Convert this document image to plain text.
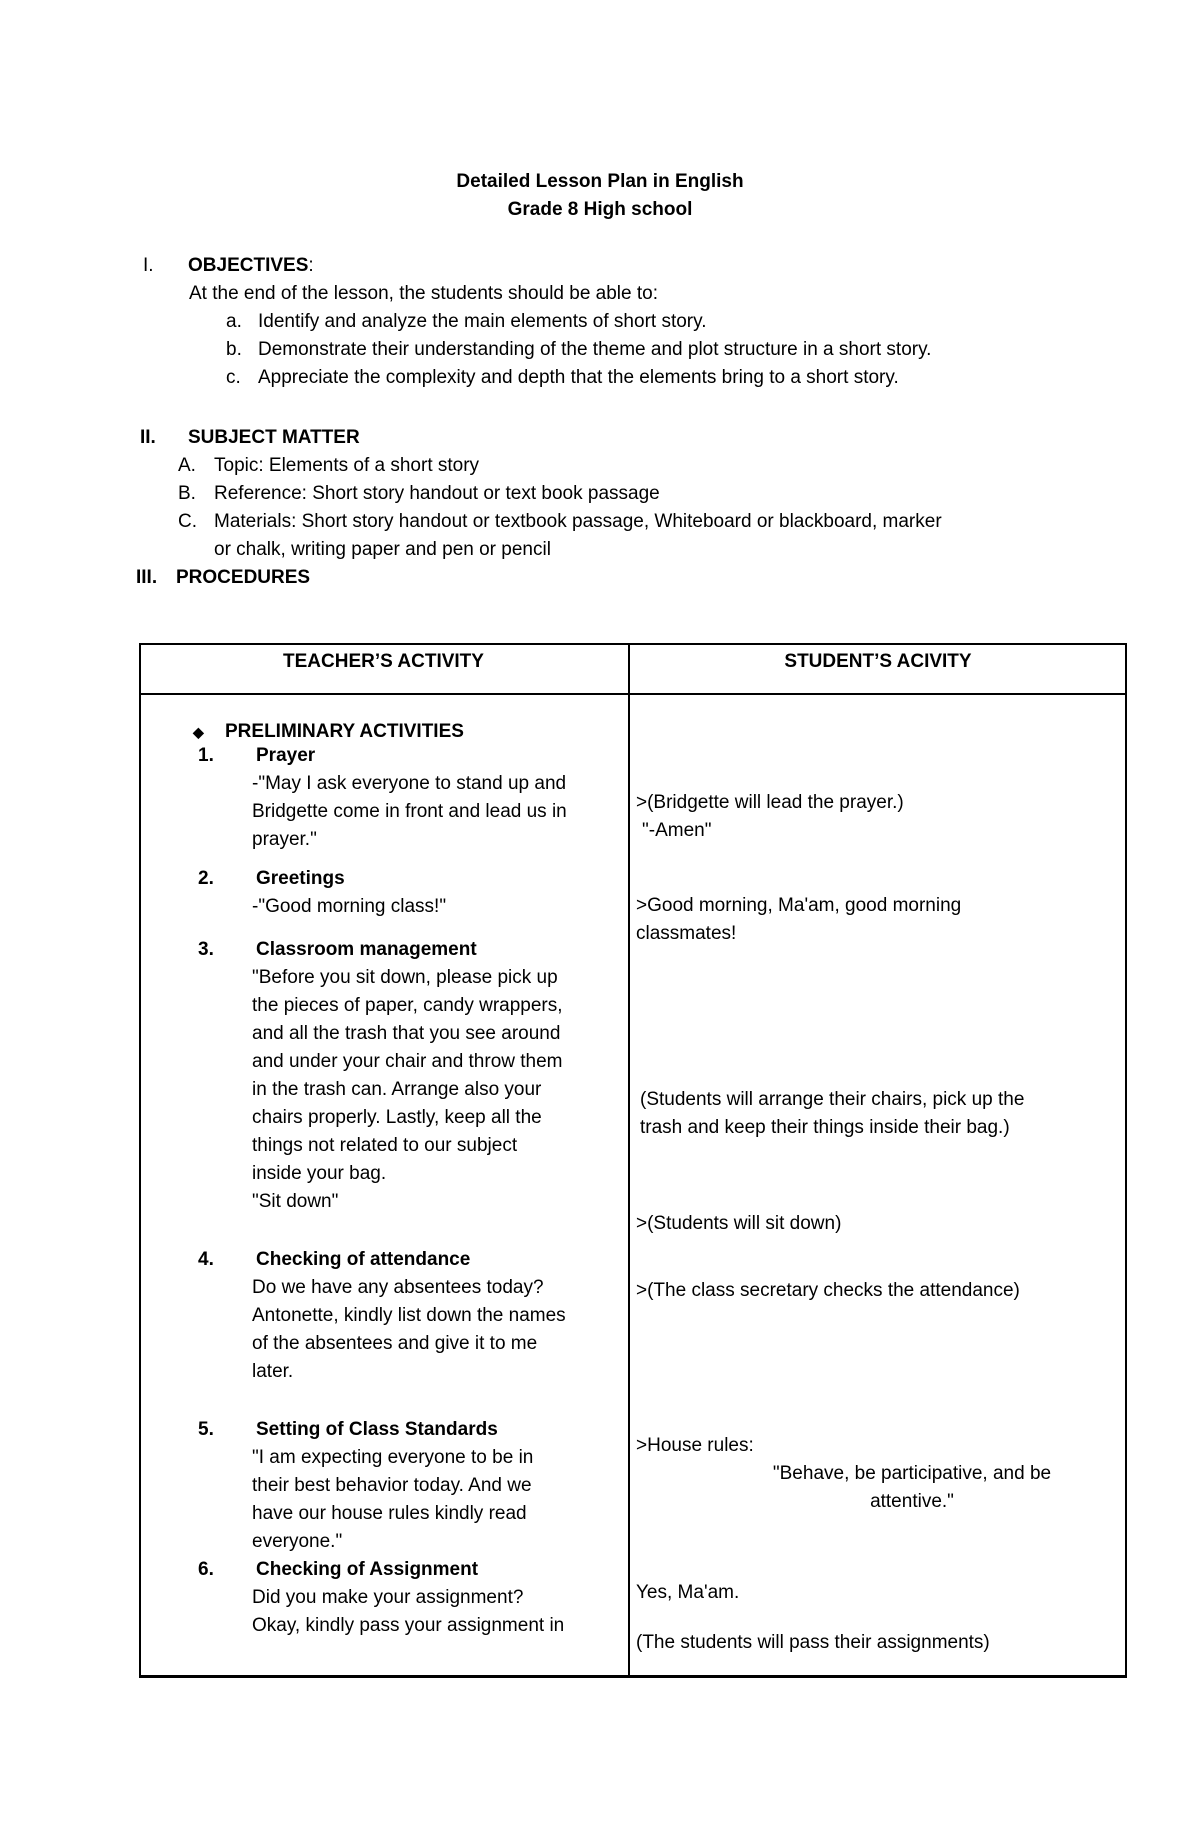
Detailed Lesson Plan in English
Grade 8 High school
I. OBJECTIVES:
At the end of the lesson, the students should be able to:
a. Identify and analyze the main elements of short story.
b. Demonstrate their understanding of the theme and plot structure in a short story.
c. Appreciate the complexity and depth that the elements bring to a short story.
II. SUBJECT MATTER
A. Topic: Elements of a short story
B. Reference: Short story handout or text book passage
C. Materials: Short story handout or textbook passage, Whiteboard or blackboard, marker
or chalk, writing paper and pen or pencil
III. PROCEDURES
TEACHER’S ACTIVITY	STUDENT’S ACIVITY
◆ PRELIMINARY ACTIVITIES
1. Prayer
-"May I ask everyone to stand up and
Bridgette come in front and lead us in
prayer."
2. Greetings
-"Good morning class!"
3. Classroom management
"Before you sit down, please pick up
the pieces of paper, candy wrappers,
and all the trash that you see around
and under your chair and throw them
in the trash can. Arrange also your
chairs properly. Lastly, keep all the
things not related to our subject
inside your bag.
"Sit down"
4. Checking of attendance
Do we have any absentees today?
Antonette, kindly list down the names
of the absentees and give it to me
later.
5. Setting of Class Standards
"I am expecting everyone to be in
their best behavior today. And we
have our house rules kindly read
everyone."
6. Checking of Assignment
Did you make your assignment?
Okay, kindly pass your assignment in
>(Bridgette will lead the prayer.)
"-Amen"
>Good morning, Ma'am, good morning
classmates!
(Students will arrange their chairs, pick up the
trash and keep their things inside their bag.)
>(Students will sit down)
>(The class secretary checks the attendance)
>House rules:
"Behave, be participative, and be
attentive."
Yes, Ma'am.
(The students will pass their assignments)
